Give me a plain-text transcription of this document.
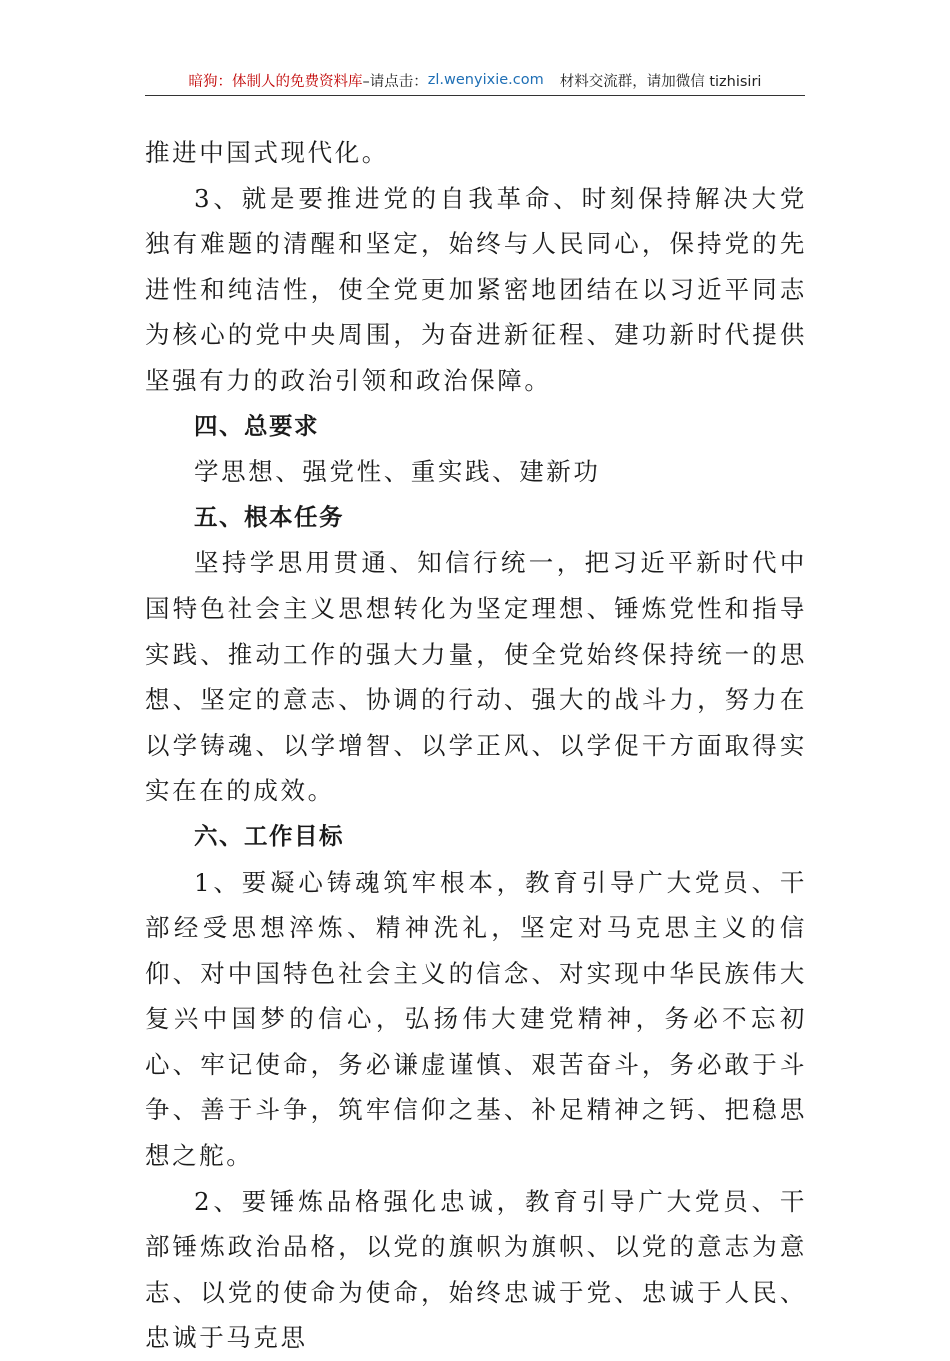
暗狗：体制人的免费资料库 –请点击： zl.wenyixie.com 材料交流群，请加微信 tizhisiri

推进中国式现代化。

3、就是要推进党的自我革命、时刻保持解决大党独有难题的清醒和坚定，始终与人民同心，保持党的先进性和纯洁性，使全党更加紧密地团结在以习近平同志为核心的党中央周围，为奋进新征程、建功新时代提供坚强有力的政治引领和政治保障。

四、总要求

学思想、强党性、重实践、建新功

五、根本任务

坚持学思用贯通、知信行统一，把习近平新时代中国特色社会主义思想转化为坚定理想、锤炼党性和指导实践、推动工作的强大力量，使全党始终保持统一的思想、坚定的意志、协调的行动、强大的战斗力，努力在以学铸魂、以学增智、以学正风、以学促干方面取得实实在在的成效。

六、工作目标

1、要凝心铸魂筑牢根本，教育引导广大党员、干部经受思想淬炼、精神洗礼，坚定对马克思主义的信仰、对中国特色社会主义的信念、对实现中华民族伟大复兴中国梦的信心，弘扬伟大建党精神，务必不忘初心、牢记使命，务必谦虚谨慎、艰苦奋斗，务必敢于斗争、善于斗争，筑牢信仰之基、补足精神之钙、把稳思想之舵。

2、要锤炼品格强化忠诚，教育引导广大党员、干部锤炼政治品格，以党的旗帜为旗帜、以党的意志为意志、以党的使命为使命，始终忠诚于党、忠诚于人民、忠诚于马克思
